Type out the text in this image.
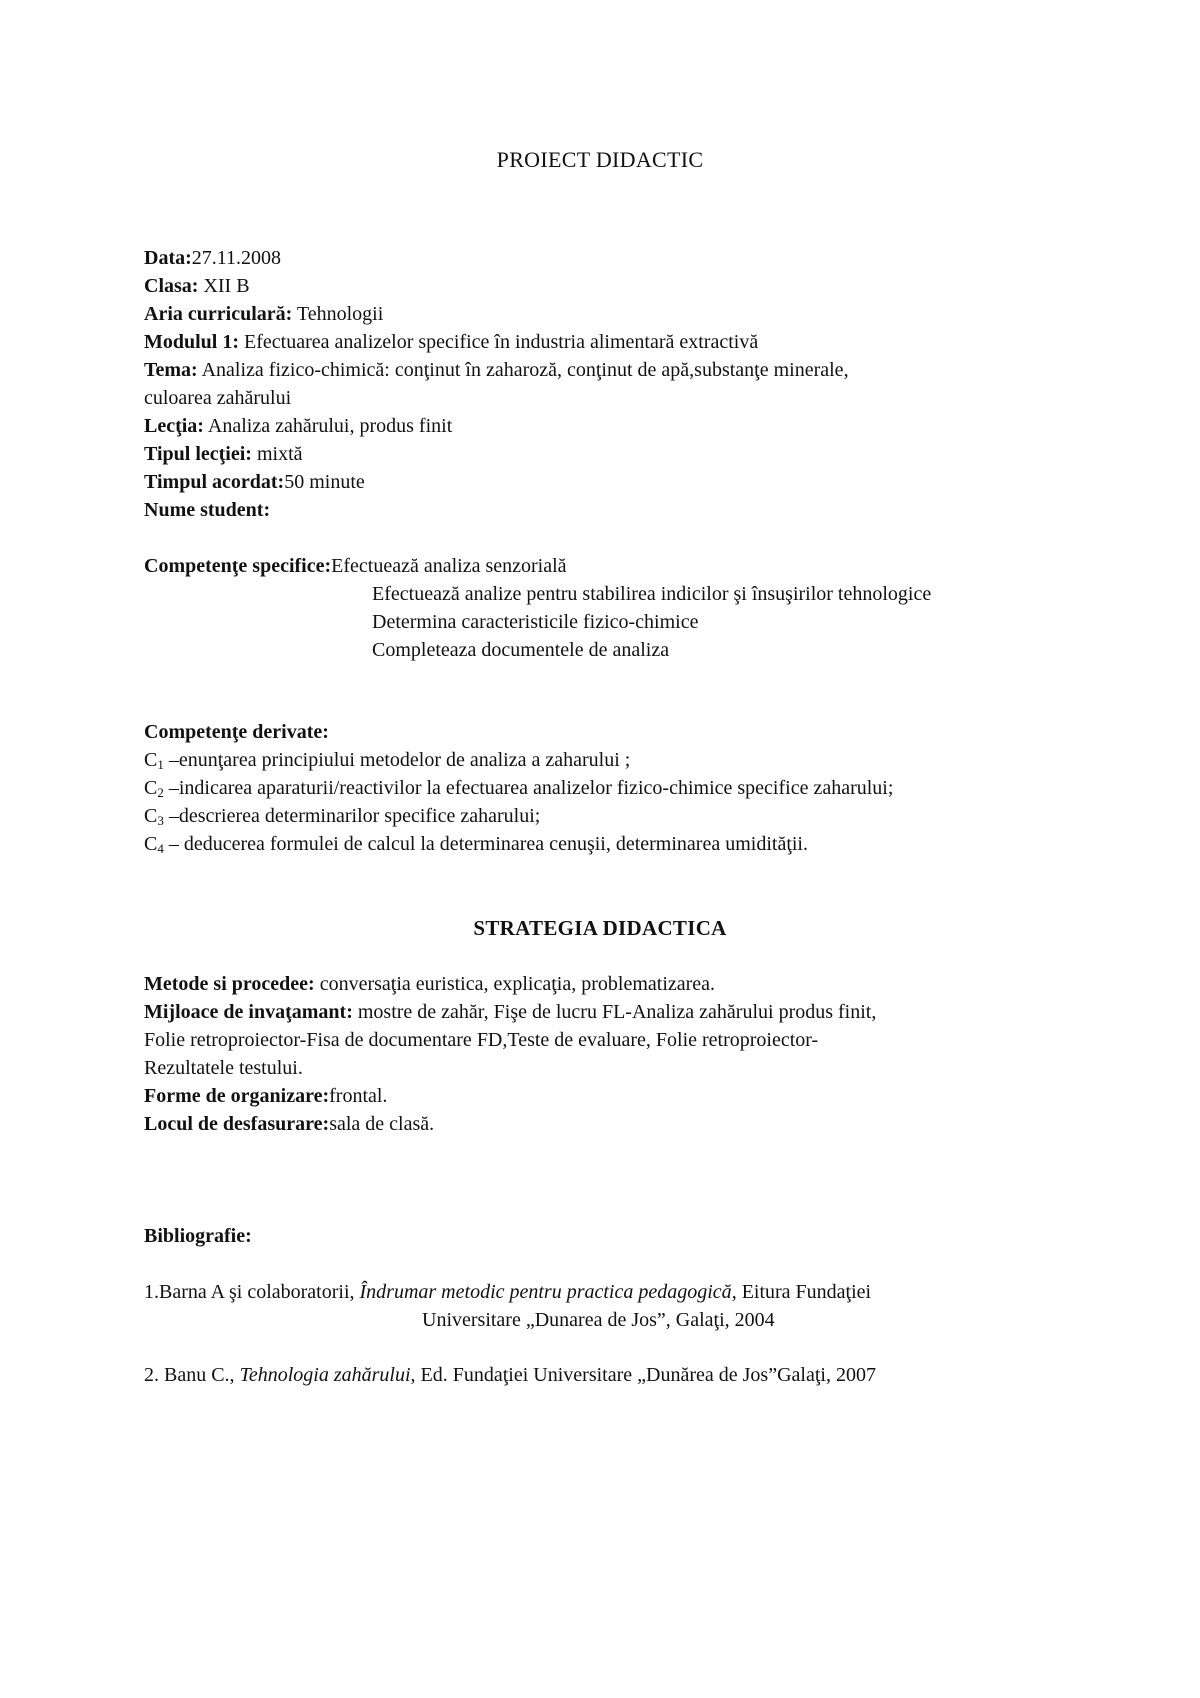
PROIECT DIDACTIC
Data:27.11.2008
Clasa: XII B
Aria curriculară: Tehnologii
Modulul 1: Efectuarea analizelor specifice în industria alimentară extractivă
Tema: Analiza fizico-chimică: conţinut în zaharoză, conţinut de apă,substanţe minerale,
culoarea zahărului
Lecţia: Analiza zahărului, produs finit
Tipul lecţiei: mixtă
Timpul acordat:50 minute
Nume student:
Competenţe specifice:Efectuează analiza senzorială
Efectuează analize pentru stabilirea indicilor şi însuşirilor tehnologice
Determina caracteristicile fizico-chimice
Completeaza documentele de analiza
Competenţe derivate:
$C_1$ –enunţarea principiului metodelor de analiza a zaharului ;
$C_2$ –indicarea aparaturii/reactivilor la efectuarea analizelor fizico-chimice specifice zaharului;
$C_3$ –descrierea determinarilor specifice zaharului;
$C_4$ – deducerea formulei de calcul la determinarea cenuşii, determinarea umidităţii.
STRATEGIA DIDACTICA
Metode si procedee: conversaţia euristica, explicaţia, problematizarea.
Mijloace de invaţamant: mostre de zahăr, Fişe de lucru FL-Analiza zahărului produs finit,
Folie retroproiector-Fisa de documentare FD,Teste de evaluare, Folie retroproiector-
Rezultatele testului.
Forme de organizare:frontal.
Locul de desfasurare:sala de clasă.
Bibliografie:
1.Barna A şi colaboratorii, Îndrumar metodic pentru practica pedagogică, Eitura Fundaţiei
Universitare „Dunarea de Jos”, Galaţi, 2004
2. Banu C., Tehnologia zahărului, Ed. Fundaţiei Universitare „Dunărea de Jos”Galaţi, 2007
